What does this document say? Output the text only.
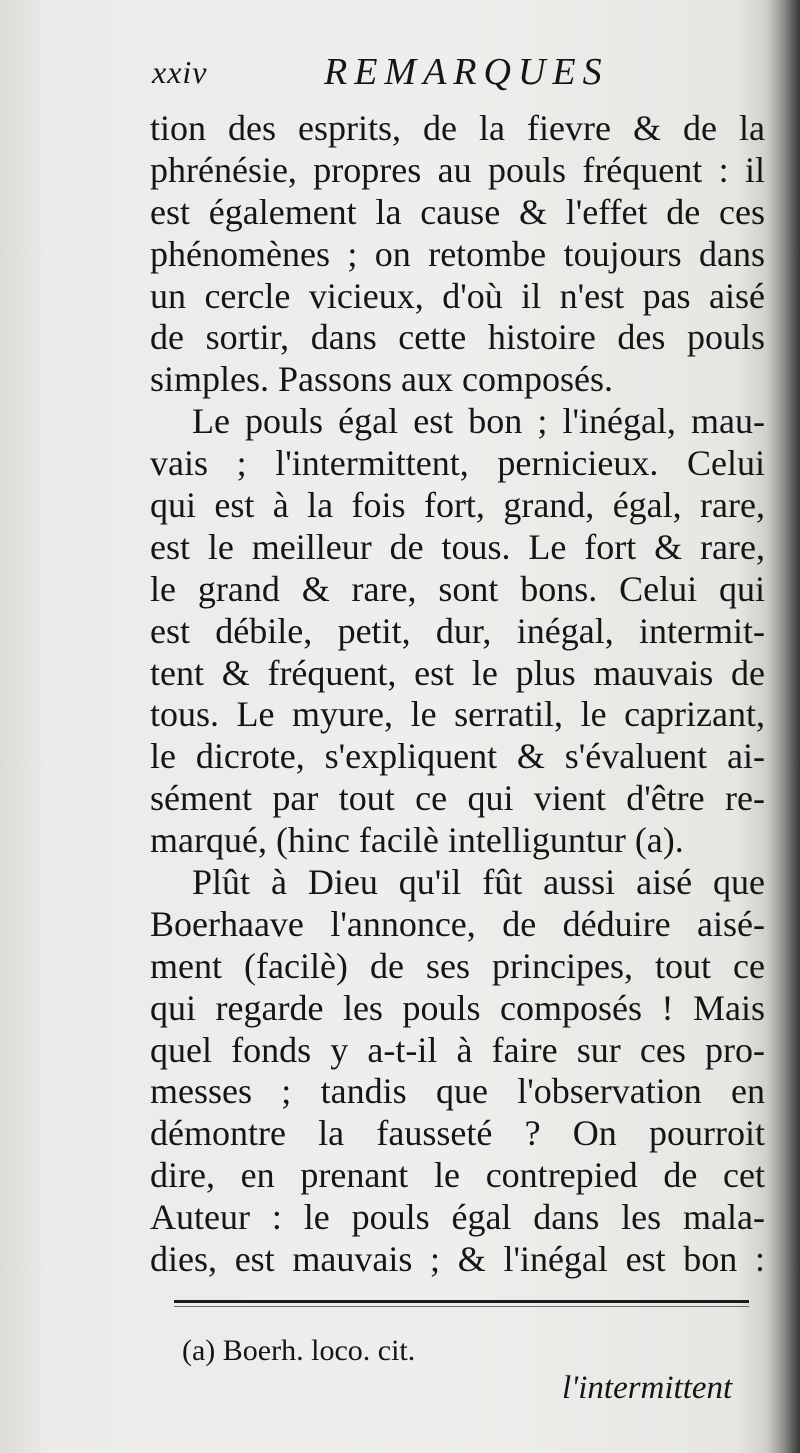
xxiv	REMARQUES
tion des esprits, de la fievre & de la
phrénésie, propres au pouls fréquent : il
est également la cause & l'effet de ces
phénomènes ; on retombe toujours dans
un cercle vicieux, d'où il n'est pas aisé
de sortir, dans cette histoire des pouls
simples. Passons aux composés.
Le pouls égal est bon ; l'inégal, mau-
vais ; l'intermittent, pernicieux. Celui
qui est à la fois fort, grand, égal, rare,
est le meilleur de tous. Le fort & rare,
le grand & rare, sont bons. Celui qui
est débile, petit, dur, inégal, intermit-
tent & fréquent, est le plus mauvais de
tous. Le myure, le serratil, le caprizant,
le dicrote, s'expliquent & s'évaluent ai-
sément par tout ce qui vient d'être re-
marqué, (hinc facilè intelliguntur (a).
Plût à Dieu qu'il fût aussi aisé que
Boerhaave l'annonce, de déduire aisé-
ment (facilè) de ses principes, tout ce
qui regarde les pouls composés ! Mais
quel fonds y a-t-il à faire sur ces pro-
messes ; tandis que l'observation en
démontre la fausseté ? On pourroit
dire, en prenant le contrepied de cet
Auteur : le pouls égal dans les mala-
dies, est mauvais ; & l'inégal est bon :
(a) Boerh. loco. cit.
l'intermittent
